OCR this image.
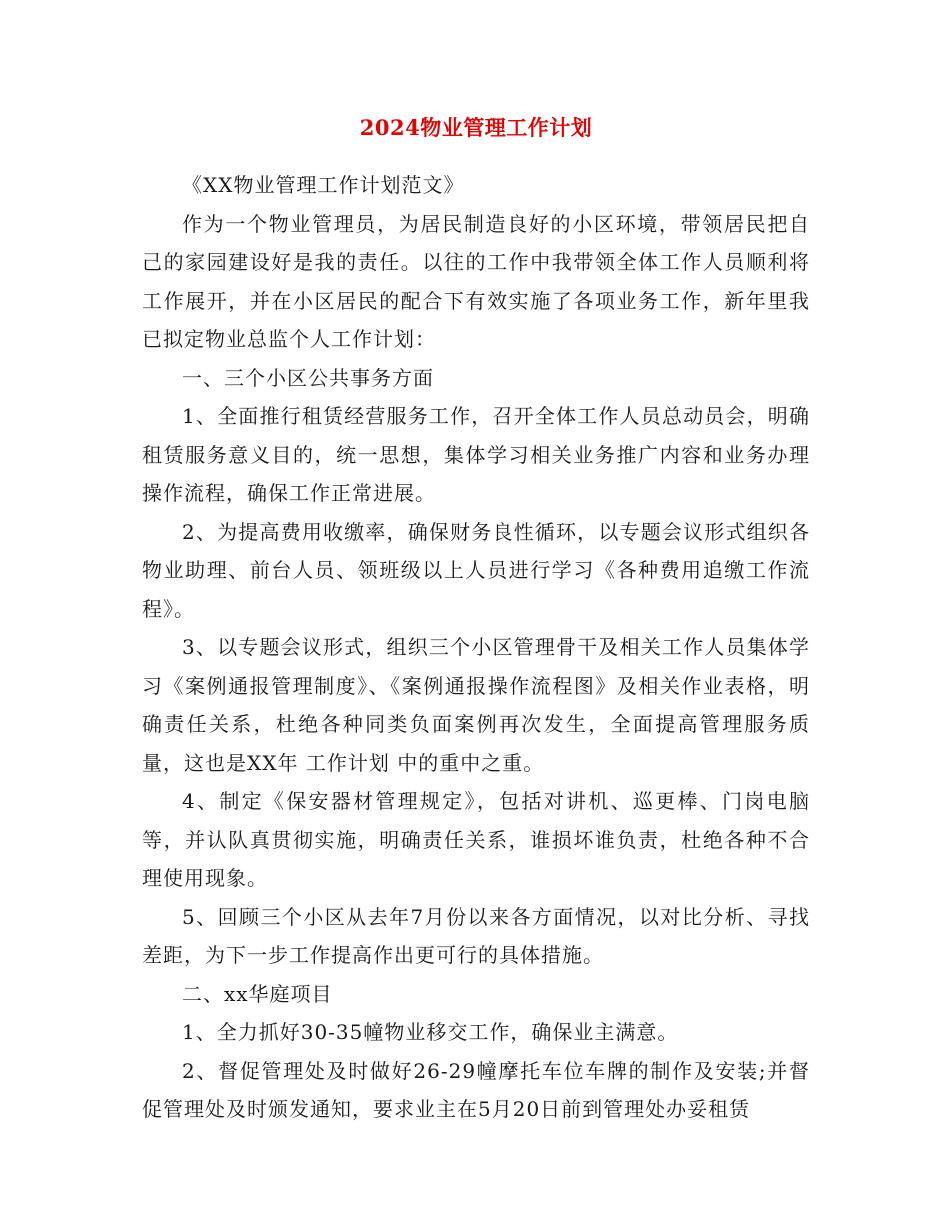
2024物业管理工作计划

《XX物业管理工作计划范文》

作为一个物业管理员，为居民制造良好的小区环境，带领居民把自己的家园建设好是我的责任。以往的工作中我带领全体工作人员顺利将工作展开，并在小区居民的配合下有效实施了各项业务工作，新年里我已拟定物业总监个人工作计划：

一、三个小区公共事务方面

1、全面推行租赁经营服务工作，召开全体工作人员总动员会，明确租赁服务意义目的，统一思想，集体学习相关业务推广内容和业务办理操作流程，确保工作正常进展。

2、为提高费用收缴率，确保财务良性循环，以专题会议形式组织各物业助理、前台人员、领班级以上人员进行学习《各种费用追缴工作流程》。

3、以专题会议形式，组织三个小区管理骨干及相关工作人员集体学习《案例通报管理制度》、《案例通报操作流程图》及相关作业表格，明确责任关系，杜绝各种同类负面案例再次发生，全面提高管理服务质量，这也是XX年 工作计划 中的重中之重。

4、制定《保安器材管理规定》，包括对讲机、巡更棒、门岗电脑等，并认队真贯彻实施，明确责任关系，谁损坏谁负责，杜绝各种不合理使用现象。

5、回顾三个小区从去年7月份以来各方面情况，以对比分析、寻找差距，为下一步工作提高作出更可行的具体措施。

二、xx华庭项目

1、全力抓好30-35幢物业移交工作，确保业主满意。

2、督促管理处及时做好26-29幢摩托车位车牌的制作及安装;并督促管理处及时颁发通知，要求业主在5月20日前到管理处办妥租赁
